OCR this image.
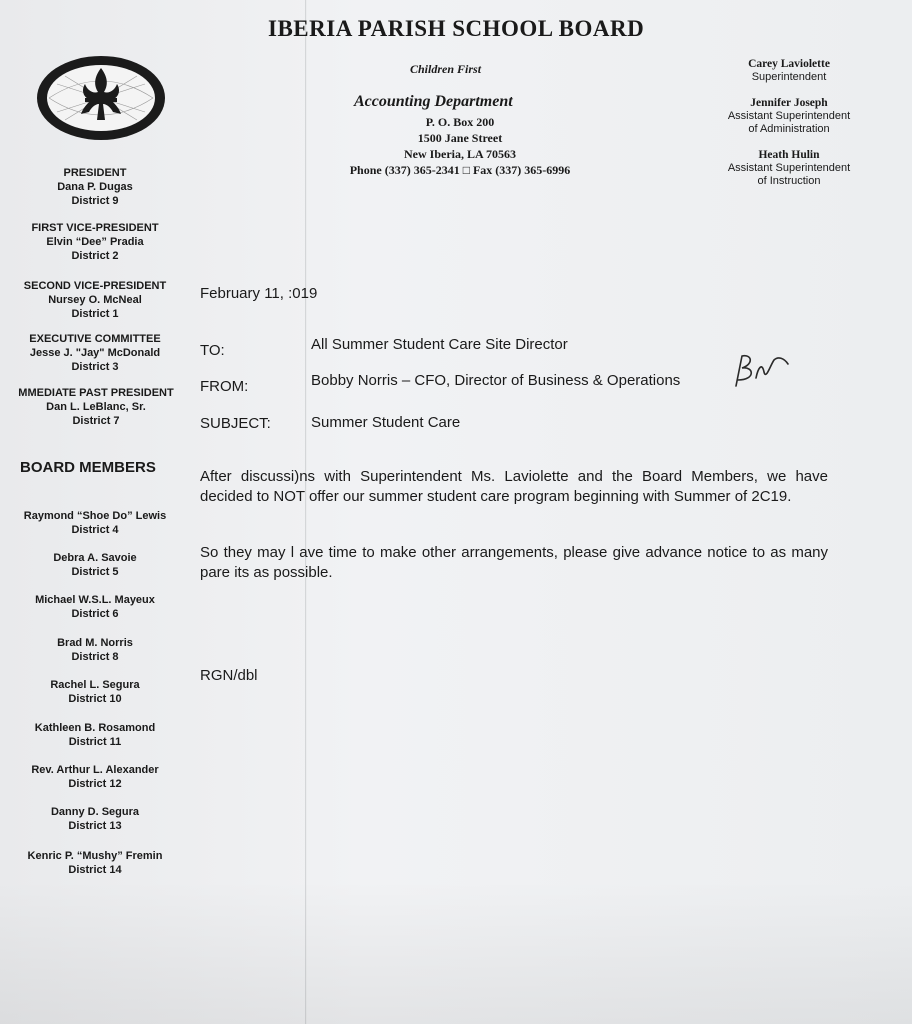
IBERIA PARISH SCHOOL BOARD
Children First
Accounting Department
P. O. Box 200
1500 Jane Street
New Iberia, LA 70563
Phone (337) 365-2341 □ Fax (337) 365-6996
Carey Laviolette
Superintendent
Jennifer Joseph
Assistant Superintendent
of Administration
Heath Hulin
Assistant Superintendent
of Instruction
PRESIDENT
Dana P. Dugas
District 9
FIRST VICE-PRESIDENT
Elvin “Dee” Pradia
District 2
SECOND VICE-PRESIDENT
Nursey O. McNeal
District 1
EXECUTIVE COMMITTEE
Jesse J. "Jay" McDonald
District 3
MMEDIATE PAST PRESIDENT
Dan L. LeBlanc, Sr.
District 7
BOARD MEMBERS
Raymond “Shoe Do” Lewis
District 4
Debra A. Savoie
District 5
Michael W.S.L. Mayeux
District 6
Brad M. Norris
District 8
Rachel L. Segura
District 10
Kathleen B. Rosamond
District 11
Rev. Arthur L. Alexander
District 12
Danny D. Segura
District 13
Kenric P. “Mushy” Fremin
District 14
February 11, :019
TO:	All Summer Student Care Site Director
FROM:	Bobby Norris – CFO, Director of Business & Operations
SUBJECT:	Summer Student Care
After discussi)ns with Superintendent Ms. Laviolette and the Board Members, we have decided to NOT offer our summer student care program beginning with Summer of 2C19.
So they may l ave time to make other arrangements, please give advance notice to as many pare its as possible.
RGN/dbl
